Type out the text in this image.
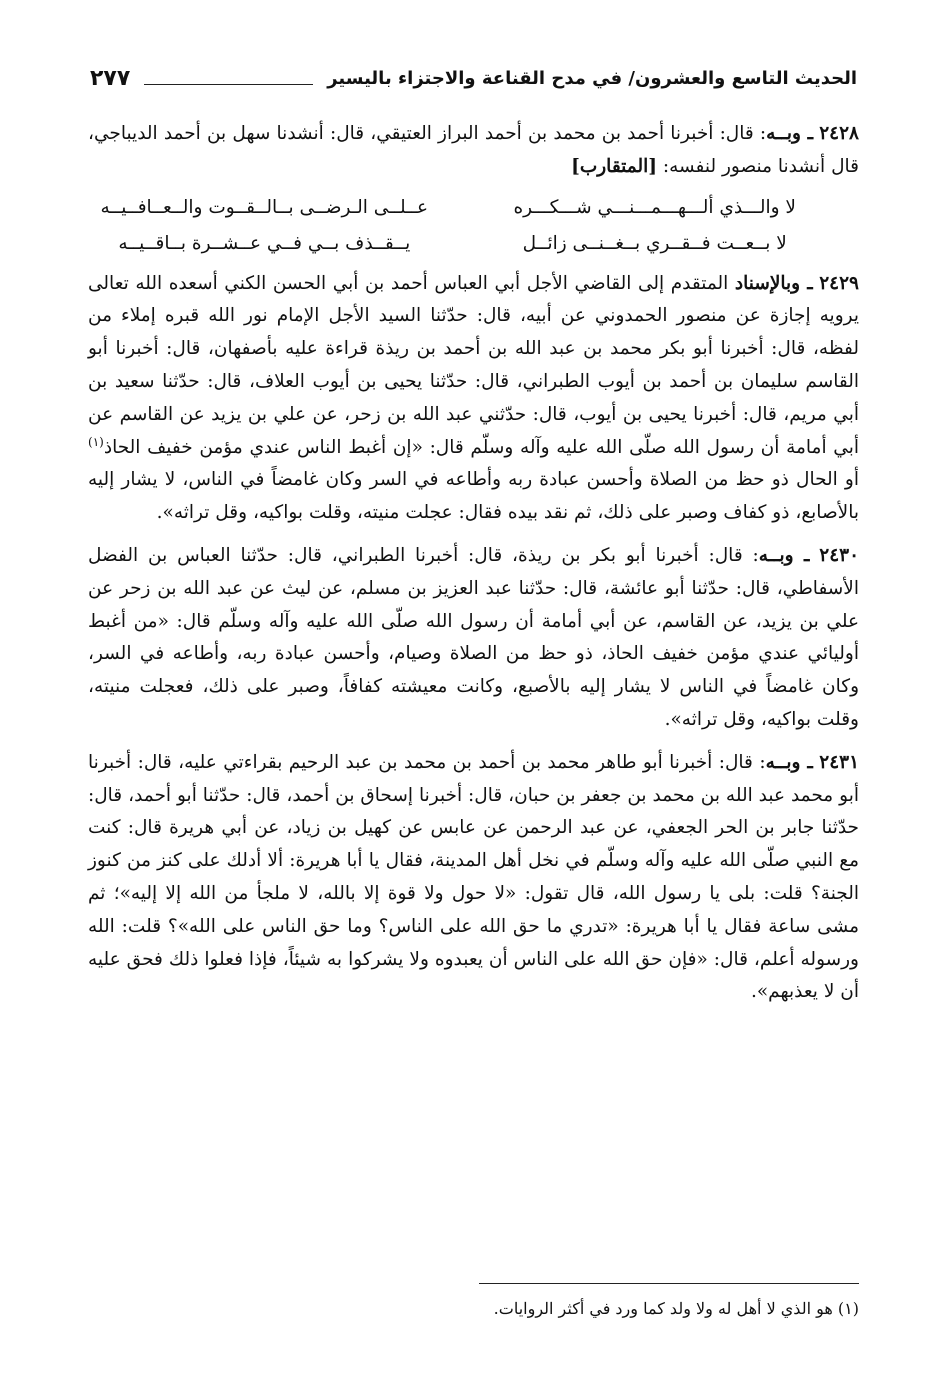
الحديث التاسع والعشرون/ في مدح القناعة والاجتزاء باليسير
٢٧٧

٢٤٢٨ ـ وبــه: قال: أخبرنا أحمد بن محمد بن أحمد البراز العتيقي، قال: أنشدنا سهل بن أحمد الديباجي، قال أنشدنا منصور لنفسه: [المتقارب]

لا والـــذي ألـــهـــمـــنـــي شـــكـــره
عــلــى الـرضــى بــالــقــوت والــعــافــيــه
لا بــعــت فــقــري بــغــنــى زائــل
يــقــذف بــي فــي عــشــرة بــاقــيــه

٢٤٢٩ ـ وبالإسناد المتقدم إلى القاضي الأجل أبي العباس أحمد بن أبي الحسن الكني أسعده الله تعالى يرويه إجازة عن منصور الحمدوني عن أبيه، قال: حدّثنا السيد الأجل الإمام نور الله قبره إملاء من لفظه، قال: أخبرنا أبو بكر محمد بن عبد الله بن أحمد بن ريذة قراءة عليه بأصفهان، قال: أخبرنا أبو القاسم سليمان بن أحمد بن أيوب الطبراني، قال: حدّثنا يحيى بن أيوب العلاف، قال: حدّثنا سعيد بن أبي مريم، قال: أخبرنا يحيى بن أيوب، قال: حدّثني عبد الله بن زحر، عن علي بن يزيد عن القاسم عن أبي أمامة أن رسول الله صلّى الله عليه وآله وسلّم قال: «إن أغبط الناس عندي مؤمن خفيف الحاذ$^{(١)}$ أو الحال ذو حظ من الصلاة وأحسن عبادة ربه وأطاعه في السر وكان غامضاً في الناس، لا يشار إليه بالأصابع، ذو كفاف وصبر على ذلك، ثم نقد بيده فقال: عجلت منيته، وقلت بواكيه، وقل تراثه».

٢٤٣٠ ـ وبــه: قال: أخبرنا أبو بكر بن ريذة، قال: أخبرنا الطبراني، قال: حدّثنا العباس بن الفضل الأسفاطي، قال: حدّثنا أبو عائشة، قال: حدّثنا عبد العزيز بن مسلم، عن ليث عن عبد الله بن زحر عن علي بن يزيد، عن القاسم، عن أبي أمامة أن رسول الله صلّى الله عليه وآله وسلّم قال: «من أغبط أوليائي عندي مؤمن خفيف الحاذ، ذو حظ من الصلاة وصيام، وأحسن عبادة ربه، وأطاعه في السر، وكان غامضاً في الناس لا يشار إليه بالأصبع، وكانت معيشته كفافاً، وصبر على ذلك، فعجلت منيته، وقلت بواكيه، وقل تراثه».

٢٤٣١ ـ وبــه: قال: أخبرنا أبو طاهر محمد بن أحمد بن محمد بن عبد الرحيم بقراءتي عليه، قال: أخبرنا أبو محمد عبد الله بن محمد بن جعفر بن حبان، قال: أخبرنا إسحاق بن أحمد، قال: حدّثنا أبو أحمد، قال: حدّثنا جابر بن الحر الجعفي، عن عبد الرحمن عن عابس عن كهيل بن زياد، عن أبي هريرة قال: كنت مع النبي صلّى الله عليه وآله وسلّم في نخل أهل المدينة، فقال يا أبا هريرة: ألا أدلك على كنز من كنوز الجنة؟ قلت: بلى يا رسول الله، قال تقول: «لا حول ولا قوة إلا بالله، لا ملجأ من الله إلا إليه»؛ ثم مشى ساعة فقال يا أبا هريرة: «تدري ما حق الله على الناس؟ وما حق الناس على الله»؟ قلت: الله ورسوله أعلم، قال: «فإن حق الله على الناس أن يعبدوه ولا يشركوا به شيئاً، فإذا فعلوا ذلك فحق عليه أن لا يعذبهم».

(١) هو الذي لا أهل له ولا ولد كما ورد في أكثر الروايات.
